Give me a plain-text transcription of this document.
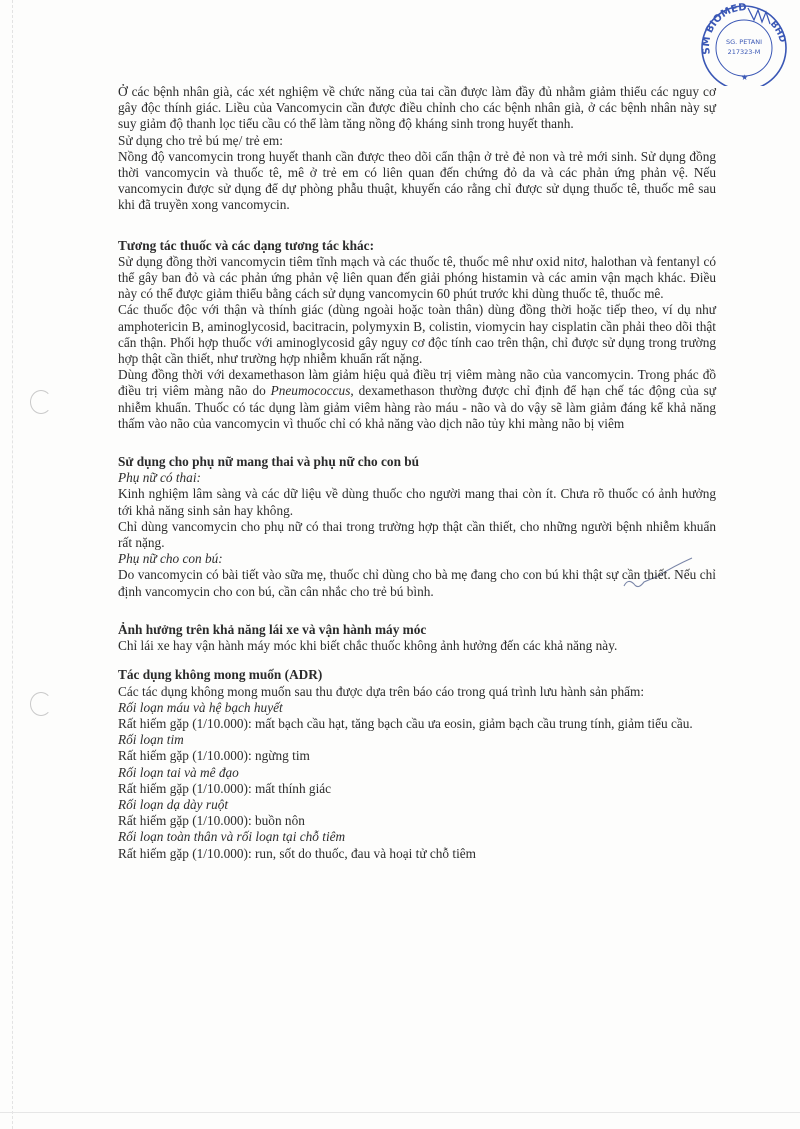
SM BIOMED
BHD
SG. PETANI
217323-M
★

Ở các bệnh nhân già, các xét nghiệm về chức năng của tai cần được làm đầy đủ nhằm giảm thiểu các nguy cơ gây độc thính giác. Liều của Vancomycin cần được điều chỉnh cho các bệnh nhân già, ở các bệnh nhân này sự suy giảm độ thanh lọc tiểu cầu có thể làm tăng nồng độ kháng sinh trong huyết thanh.

Sử dụng cho trẻ bú mẹ/ trẻ em:

Nồng độ vancomycin trong huyết thanh cần được theo dõi cẩn thận ở trẻ đẻ non và trẻ mới sinh. Sử dụng đồng thời vancomycin và thuốc tê, mê ở trẻ em có liên quan đến chứng đỏ da và các phản ứng phản vệ. Nếu vancomycin được sử dụng để dự phòng phẫu thuật, khuyến cáo rằng chỉ được sử dụng thuốc tê, thuốc mê sau khi đã truyền xong vancomycin.

Tương tác thuốc và các dạng tương tác khác:

Sử dụng đồng thời vancomycin tiêm tĩnh mạch và các thuốc tê, thuốc mê như oxid nitơ, halothan và fentanyl có thể gây ban đỏ và các phản ứng phản vệ liên quan đến giải phóng histamin và các amin vận mạch khác. Điều này có thể được giảm thiểu bằng cách sử dụng vancomycin 60 phút trước khi dùng thuốc tê, thuốc mê.

Các thuốc độc với thận và thính giác (dùng ngoài hoặc toàn thân) dùng đồng thời hoặc tiếp theo, ví dụ như amphotericin B, aminoglycosid, bacitracin, polymyxin B, colistin, viomycin hay cisplatin cần phải theo dõi thật cẩn thận. Phối hợp thuốc với aminoglycosid gây nguy cơ độc tính cao trên thận, chỉ được sử dụng trong trường hợp thật cần thiết, như trường hợp nhiễm khuẩn rất nặng.

Dùng đồng thời với dexamethason làm giảm hiệu quả điều trị viêm màng não của vancomycin. Trong phác đồ điều trị viêm màng não do Pneumococcus, dexamethason thường được chỉ định để hạn chế tác động của sự nhiễm khuẩn. Thuốc có tác dụng làm giảm viêm hàng rào máu - não và do vậy sẽ làm giảm đáng kể khả năng thấm vào não của vancomycin vì thuốc chỉ có khả năng vào dịch não tủy khi màng não bị viêm

Sử dụng cho phụ nữ mang thai và phụ nữ cho con bú

Phụ nữ có thai:

Kinh nghiệm lâm sàng và các dữ liệu về dùng thuốc cho người mang thai còn ít. Chưa rõ thuốc có ảnh hưởng tới khả năng sinh sản hay không.

Chỉ dùng vancomycin cho phụ nữ có thai trong trường hợp thật cần thiết, cho những người bệnh nhiễm khuẩn rất nặng.

Phụ nữ cho con bú:

Do vancomycin có bài tiết vào sữa mẹ, thuốc chỉ dùng cho bà mẹ đang cho con bú khi thật sự cần thiết. Nếu chỉ định vancomycin cho con bú, cần cân nhắc cho trẻ bú bình.

Ảnh hưởng trên khả năng lái xe và vận hành máy móc

Chỉ lái xe hay vận hành máy móc khi biết chắc thuốc không ảnh hưởng đến các khả năng này.

Tác dụng không mong muốn (ADR)

Các tác dụng không mong muốn sau thu được dựa trên báo cáo trong quá trình lưu hành sản phẩm:

Rối loạn máu và hệ bạch huyết

Rất hiếm gặp (1/10.000): mất bạch cầu hạt, tăng bạch cầu ưa eosin, giảm bạch cầu trung tính, giảm tiểu cầu.

Rối loạn tim

Rất hiếm gặp (1/10.000): ngừng tim

Rối loạn tai và mê đạo

Rất hiếm gặp (1/10.000): mất thính giác

Rối loạn dạ dày ruột

Rất hiếm gặp (1/10.000): buồn nôn

Rối loạn toàn thân và rối loạn tại chỗ tiêm

Rất hiếm gặp (1/10.000): run, sốt do thuốc, đau và hoại tử chỗ tiêm
